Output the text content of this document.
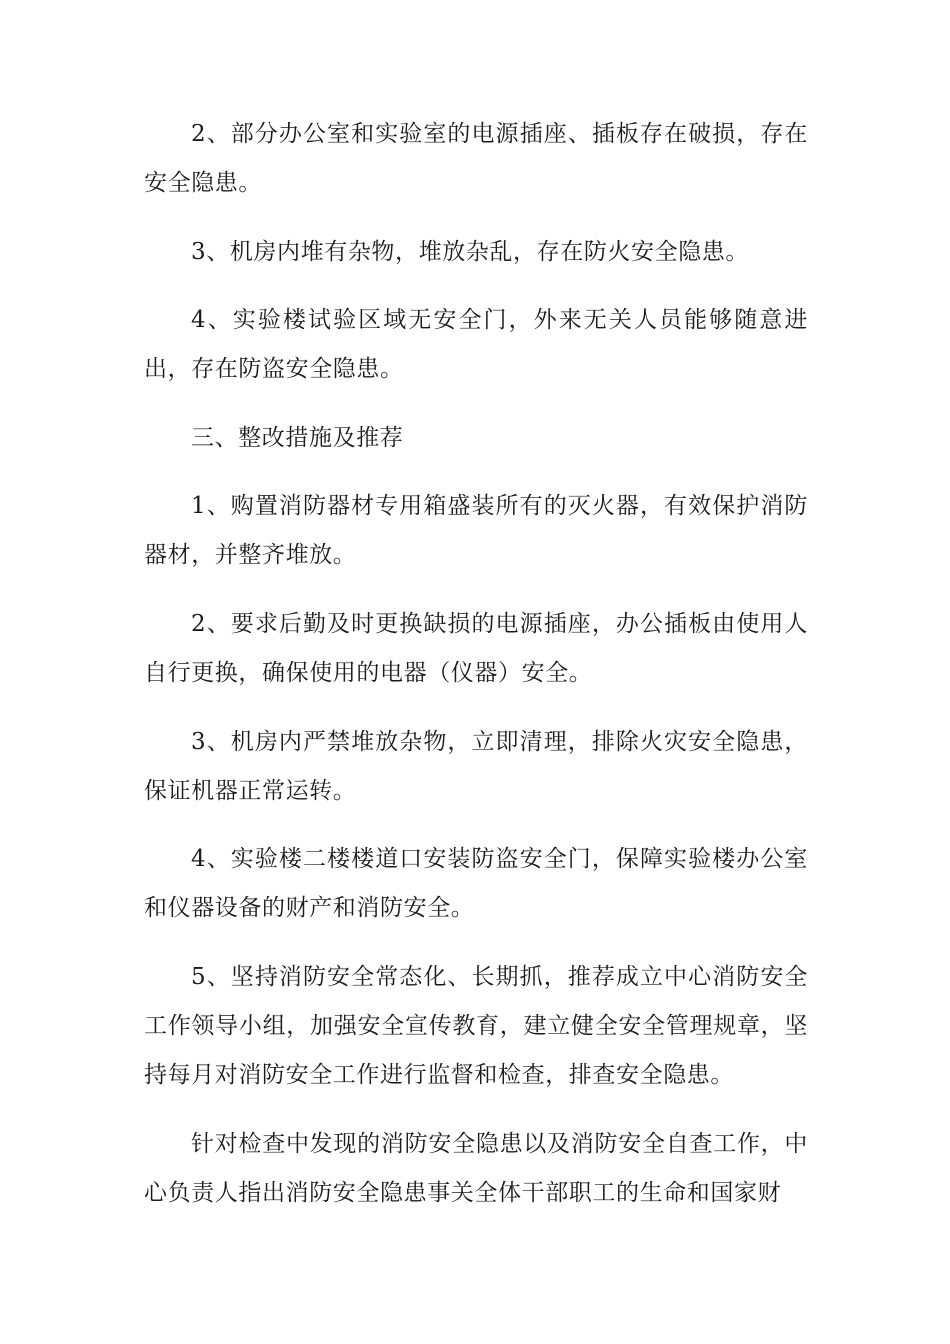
2、部分办公室和实验室的电源插座、插板存在破损，存在安全隐患。

3、机房内堆有杂物，堆放杂乱，存在防火安全隐患。

4、实验楼试验区域无安全门，外来无关人员能够随意进出，存在防盗安全隐患。

三、整改措施及推荐

1、购置消防器材专用箱盛装所有的灭火器，有效保护消防器材，并整齐堆放。

2、要求后勤及时更换缺损的电源插座，办公插板由使用人自行更换，确保使用的电器（仪器）安全。

3、机房内严禁堆放杂物，立即清理，排除火灾安全隐患，保证机器正常运转。

4、实验楼二楼楼道口安装防盗安全门，保障实验楼办公室和仪器设备的财产和消防安全。

5、坚持消防安全常态化、长期抓，推荐成立中心消防安全工作领导小组，加强安全宣传教育，建立健全安全管理规章，坚持每月对消防安全工作进行监督和检查，排查安全隐患。

针对检查中发现的消防安全隐患以及消防安全自查工作，中心负责人指出消防安全隐患事关全体干部职工的生命和国家财
